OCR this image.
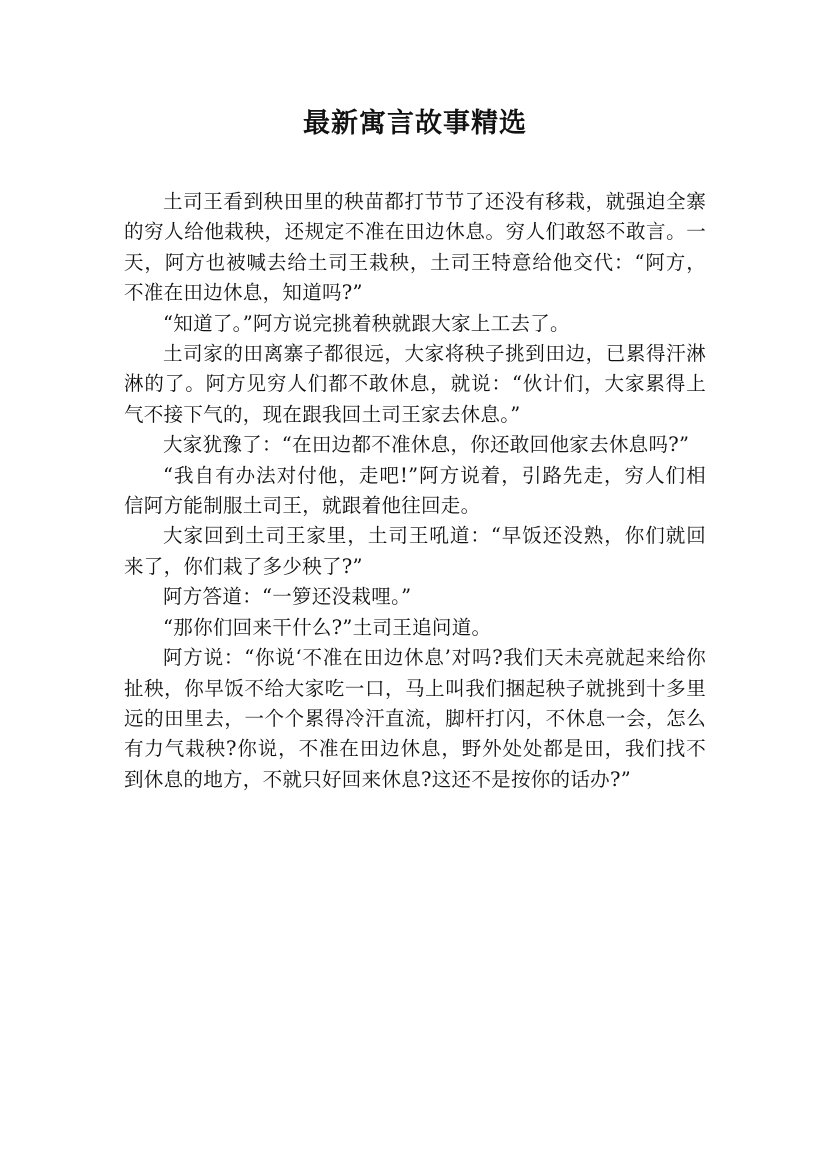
最新寓言故事精选

土司王看到秧田里的秧苗都打节节了还没有移栽，就强迫全寨的穷人给他栽秧，还规定不准在田边休息。穷人们敢怒不敢言。一天，阿方也被喊去给土司王栽秧，土司王特意给他交代：“阿方，不准在田边休息，知道吗?”

“知道了。”阿方说完挑着秧就跟大家上工去了。

土司家的田离寨子都很远，大家将秧子挑到田边，已累得汗淋淋的了。阿方见穷人们都不敢休息，就说：“伙计们，大家累得上气不接下气的，现在跟我回土司王家去休息。”

大家犹豫了：“在田边都不准休息，你还敢回他家去休息吗?”

“我自有办法对付他，走吧!”阿方说着，引路先走，穷人们相信阿方能制服土司王，就跟着他往回走。

大家回到土司王家里，土司王吼道：“早饭还没熟，你们就回来了，你们栽了多少秧了?”

阿方答道：“一箩还没栽哩。”

“那你们回来干什么?”土司王追问道。

阿方说：“你说‘不准在田边休息’对吗?我们天未亮就起来给你扯秧，你早饭不给大家吃一口，马上叫我们捆起秧子就挑到十多里远的田里去，一个个累得冷汗直流，脚杆打闪，不休息一会，怎么有力气栽秧?你说，不准在田边休息，野外处处都是田，我们找不到休息的地方，不就只好回来休息?这还不是按你的话办?”
